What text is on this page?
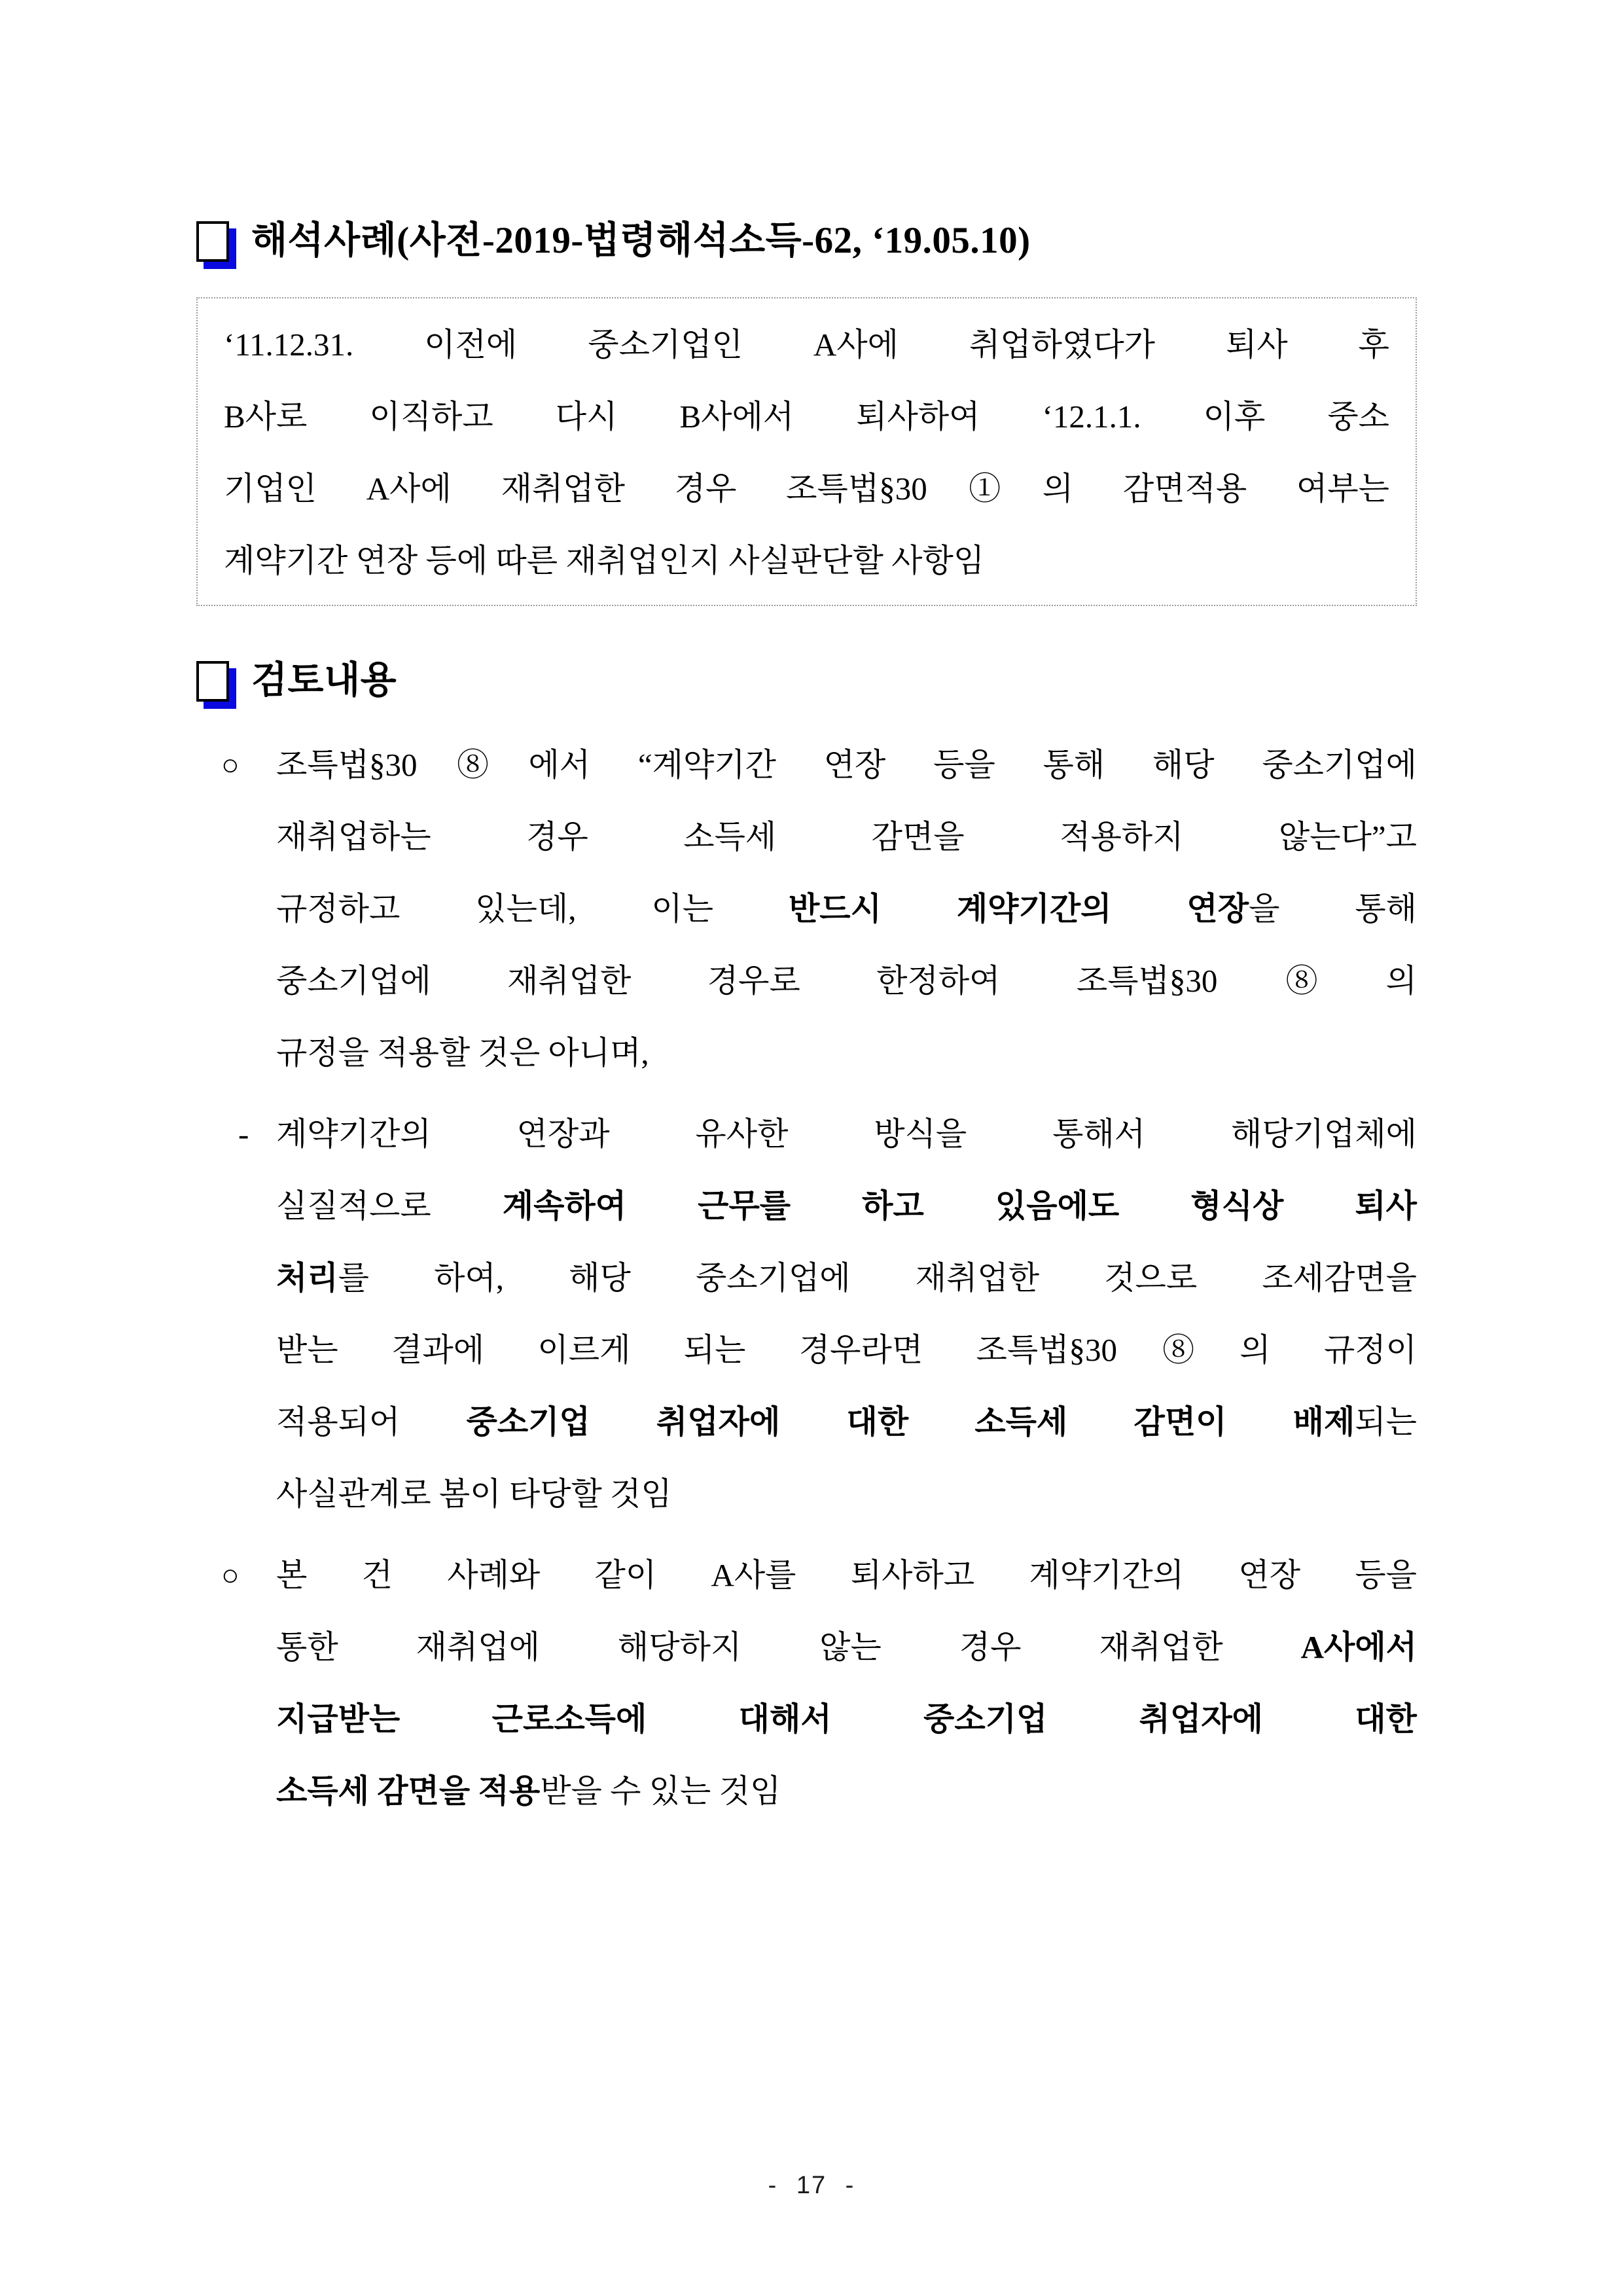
해석사례(사전-2019-법령해석소득-62, ‘19.05.10)
‘11.12.31. 이전에 중소기업인 A사에 취업하였다가 퇴사 후
B사로 이직하고 다시 B사에서 퇴사하여 ‘12.1.1. 이후 중소
기업인 A사에 재취업한 경우 조특법§30①의 감면적용 여부는
계약기간 연장 등에 따른 재취업인지 사실판단할 사항임
검토내용
○ 조특법§30⑧에서 “계약기간 연장 등을 통해 해당 중소기업에
재취업하는 경우 소득세 감면을 적용하지 않는다”고
규정하고 있는데, 이는 반드시 계약기간의 연장을 통해
중소기업에 재취업한 경우로 한정하여 조특법§30⑧의
규정을 적용할 것은 아니며,
- 계약기간의 연장과 유사한 방식을 통해서 해당기업체에
실질적으로 계속하여 근무를 하고 있음에도 형식상 퇴사
처리를 하여, 해당 중소기업에 재취업한 것으로 조세감면을
받는 결과에 이르게 되는 경우라면 조특법§30⑧의 규정이
적용되어 중소기업 취업자에 대한 소득세 감면이 배제되는
사실관계로 봄이 타당할 것임
○ 본 건 사례와 같이 A사를 퇴사하고 계약기간의 연장 등을
통한 재취업에 해당하지 않는 경우 재취업한 A사에서
지급받는 근로소득에 대해서 중소기업 취업자에 대한
소득세 감면을 적용받을 수 있는 것임
- 17 -
